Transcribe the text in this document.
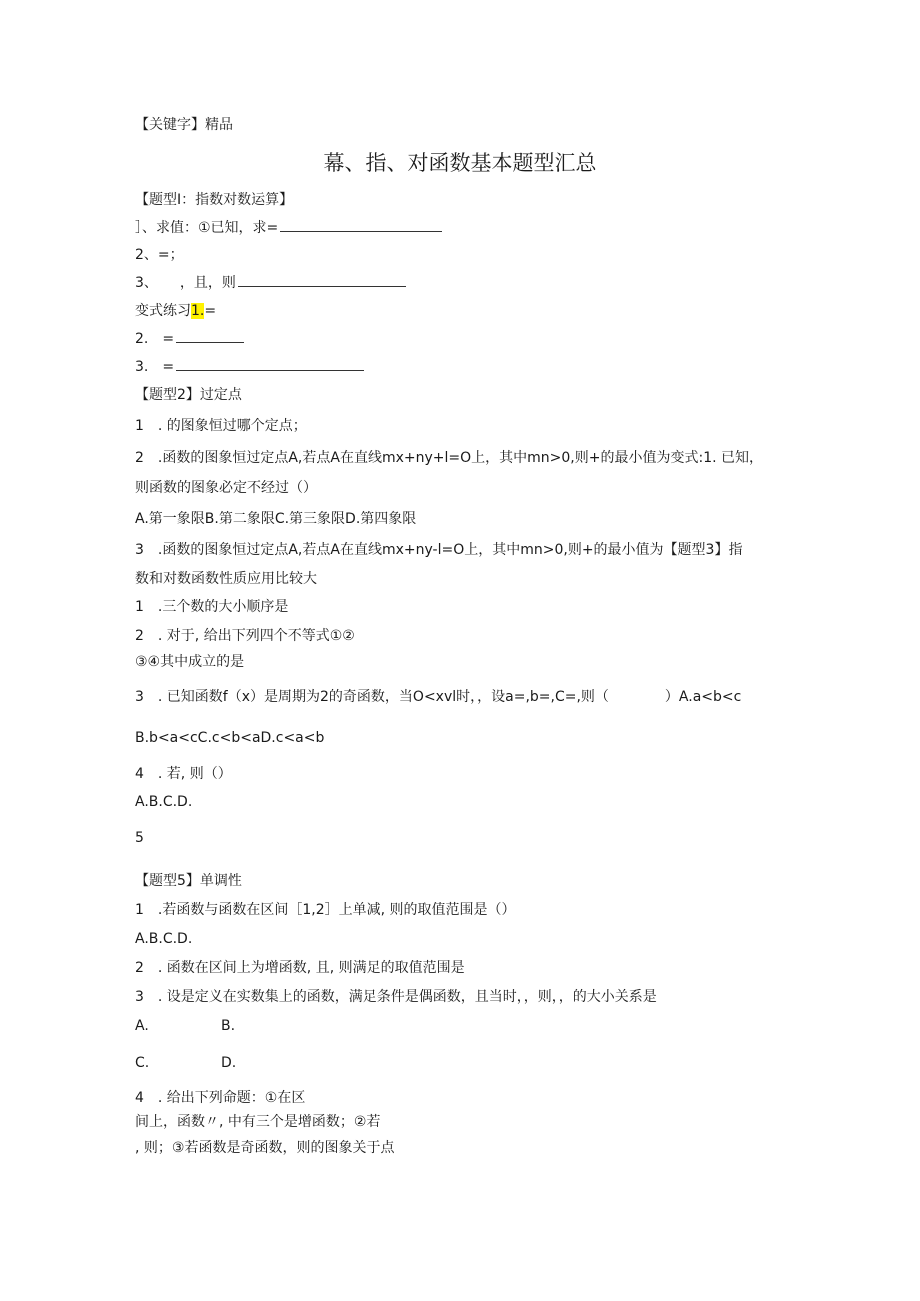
【关键字】精品
幕、指、对函数基本题型汇总
【题型I：指数对数运算】
］、求值：①已知，求=
2、=；
3、 ，且，则
变式练习1.=
2.　=
3.　=
【题型2】过定点
1　. 的图象恒过哪个定点；
2　.函数的图象恒过定点A,若点A在直线mx+ny+l=O上，其中mn>0,则+的最小值为变式:1. 已知，
则函数的图象必定不经过（）
A.第一象限B.第二象限C.第三象限D.第四象限
3　.函数的图象恒过定点A,若点A在直线mx+ny-l=O上，其中mn>0,则+的最小值为【题型3】指
数和对数函数性质应用比较大
1　.三个数的大小顺序是
2　. 对于, 给出下列四个不等式①②
③④其中成立的是
3　. 已知函数f（x）是周期为2的奇函数，当O<xvl时，，设a=,b=,C=,则（	）A.a<b<c
B.b<a<cC.c<b<aD.c<a<b
4　. 若, 则（）
A.B.C.D.
5
【题型5】单调性
1　.若函数与函数在区间［1,2］上单减, 则的取值范围是（）
A.B.C.D.
2　. 函数在区间上为增函数, 且, 则满足的取值范围是
3　. 设是定义在实数集上的函数，满足条件是偶函数，且当时，，则，，的大小关系是
A.	B.
C.	D.
4　. 给出下列命题：①在区
间上，函数〃, 中有三个是增函数；②若
, 则；③若函数是奇函数，则的图象关于点
